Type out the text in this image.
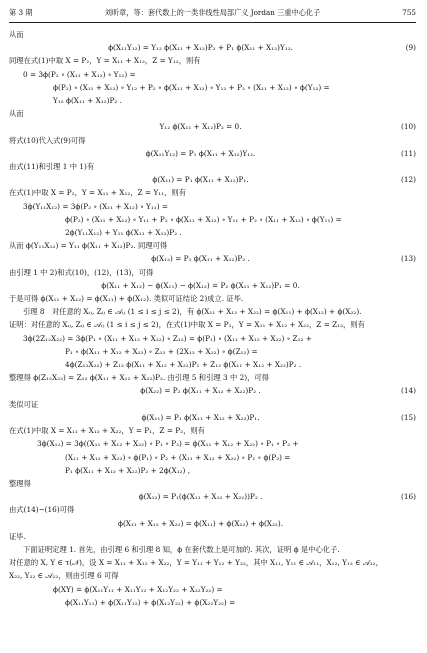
第 3 期	刘昕章，等：套代数上的一类非线性局部广义 Jordan 三重中心化子	755
从而
ϕ(X₁₁Y₁₂) = Y₁₂ ϕ(X₁₁ + X₁₂)P₂ + P₁ ϕ(X₁₁ + X₁₂)Y₁₂.	(9)
同理在式(1)中取 X = P₂，Y = X₁₁ + X₁₂，Z = Y₁₂，则有
0 = 3ϕ(P₂ ∘ (X₁₁ + X₁₂) ∘ Y₁₂) =
ϕ(P₂) ∘ (X₁₁ + X₁₂) ∘ Y₁₂ + P₂ ∘ ϕ(X₁₁ + X₁₂) ∘ Y₁₂ + P₂ ∘ (X₁₁ + X₁₂) ∘ ϕ(Y₁₂) =
Y₁₂ ϕ(X₁₁ + X₁₂)P₂ .
从而
Y₁₂ ϕ(X₁₁ + X₁₂)P₂ = 0.	(10)
将式(10)代入式(9)可得
ϕ(X₁₁Y₁₂) = P₁ ϕ(X₁₁ + X₁₂)Y₁₂.	(11)
由式(11)和引理 1 中 1)有
ϕ(X₁₁) = P₁ ϕ(X₁₁ + X₁₂)P₁.	(12)
在式(1)中取 X = P₂，Y = X₁₁ + X₁₂，Z = Y₁₁，则有
3ϕ(Y₁₁X₁₂) = 3ϕ(P₂ ∘ (X₁₁ + X₁₂) ∘ Y₁₁) =
ϕ(P₂) ∘ (X₁₁ + X₁₂) ∘ Y₁₁ + P₂ ∘ ϕ(X₁₁ + X₁₂) ∘ Y₁₁ + P₂ ∘ (X₁₁ + X₁₂) ∘ ϕ(Y₁₁) =
2ϕ(Y₁₁X₁₂) + Y₁₁ ϕ(X₁₁ + X₁₂)P₂ .
从而 ϕ(Y₁₁X₁₂) = Y₁₁ ϕ(X₁₁ + X₁₂)P₂. 同理可得
ϕ(X₁₂) = P₁ ϕ(X₁₁ + X₁₂)P₂ .	(13)
由引理 1 中 2)和式(10)，(12)，(13)，可得
ϕ(X₁₁ + X₁₂) − ϕ(X₁₁) − ϕ(X₁₂) = P₂ ϕ(X₁₁ + X₁₂)P₁ = 0.
于是可得 ϕ(X₁₁ + X₁₂) = ϕ(X₁₁) + ϕ(X₁₂). 类似可证结论 2)成立. 证毕.
引理 8　对任意的 Xᵢⱼ, Zᵢⱼ ∈ 𝒜ᵢⱼ (1 ≤ i ≤ j ≤ 2)，有 ϕ(X₁₁ + X₁₂ + X₂₂) = ϕ(X₁₁) + ϕ(X₁₂) + ϕ(X₂₂).
证明：对任意的 Xᵢⱼ, Zᵢⱼ ∈ 𝒜ᵢⱼ (1 ≤ i ≤ j ≤ 2)，在式(1)中取 X = P₁，Y = X₁₁ + X₁₂ + X₂₂，Z = Z₁₂，则有
3ϕ(2Z₁₂X₂₂) = 3ϕ(P₁ ∘ (X₁₁ + X₁₂ + X₂₂) ∘ Z₁₂) = ϕ(P₁) ∘ (X₁₁ + X₁₂ + X₂₂) ∘ Z₁₂ +
P₁ ∘ ϕ(X₁₁ + X₁₂ + X₂₂) ∘ Z₁₂ + (2X₁₂ + X₂₂) ∘ ϕ(Z₁₂) =
4ϕ(Z₁₂X₂₂) + Z₁₂ ϕ(X₁₁ + X₁₂ + X₂₂)P₁ + Z₁₂ ϕ(X₁₁ + X₁₂ + X₂₂)P₂ .
整理得 ϕ(Z₁₂X₂₂) = Z₁₂ ϕ(X₁₁ + X₁₂ + X₂₂)P₂. 由引理 5 和引理 3 中 2)，可得
ϕ(X₂₂) = P₂ ϕ(X₁₁ + X₁₂ + X₂₂)P₂ .	(14)
类似可证
ϕ(X₁₁) = P₁ ϕ(X₁₁ + X₁₂ + X₂₂)P₁.	(15)
在式(1)中取 X = X₁₁ + X₁₂ + X₂₂，Y = P₁，Z = P₂，则有
3ϕ(X₁₂) = 3ϕ((X₁₁ + X₁₂ + X₂₂) ∘ P₁ ∘ P₂) = ϕ(X₁₁ + X₁₂ + X₂₂) ∘ P₁ ∘ P₂ +
(X₁₁ + X₁₂ + X₂₂) ∘ ϕ(P₁) ∘ P₂ + (X₁₁ + X₁₂ + X₂₂) ∘ P₁ ∘ ϕ(P₂) =
P₁ ϕ(X₁₁ + X₁₂ + X₂₂)P₂ + 2ϕ(X₁₂) ,
整理得
ϕ(X₁₂) = P₁(ϕ(X₁₁ + X₁₂ + X₂₂))P₂ .	(16)
由式(14)~(16)可得
ϕ(X₁₁ + X₁₂ + X₂₂) = ϕ(X₁₁) + ϕ(X₁₂) + ϕ(X₂₂).
证毕.
下面证明定理 1. 首先，由引理 6 和引理 8 知，ϕ 在套代数上是可加的. 其次，证明 ϕ 是中心化子.
对任意的 X, Y ∈ τ(𝒩)，设 X = X₁₁ + X₁₂ + X₂₂，Y = Y₁₁ + Y₁₂ + Y₂₂，其中 X₁₁, Y₁₁ ∈ 𝒜₁₁，X₁₂, Y₁₂ ∈ 𝒜₁₂，
X₂₂, Y₂₂ ∈ 𝒜₂₂，则由引理 6 可得
ϕ(XY) = ϕ(X₁₁Y₁₁ + X₁₁Y₁₂ + X₁₂Y₂₂ + X₂₂Y₂₂) =
ϕ(X₁₁Y₁₁) + ϕ(X₁₁Y₁₂) + ϕ(X₁₂Y₂₂) + ϕ(X₂₂Y₂₂) =
